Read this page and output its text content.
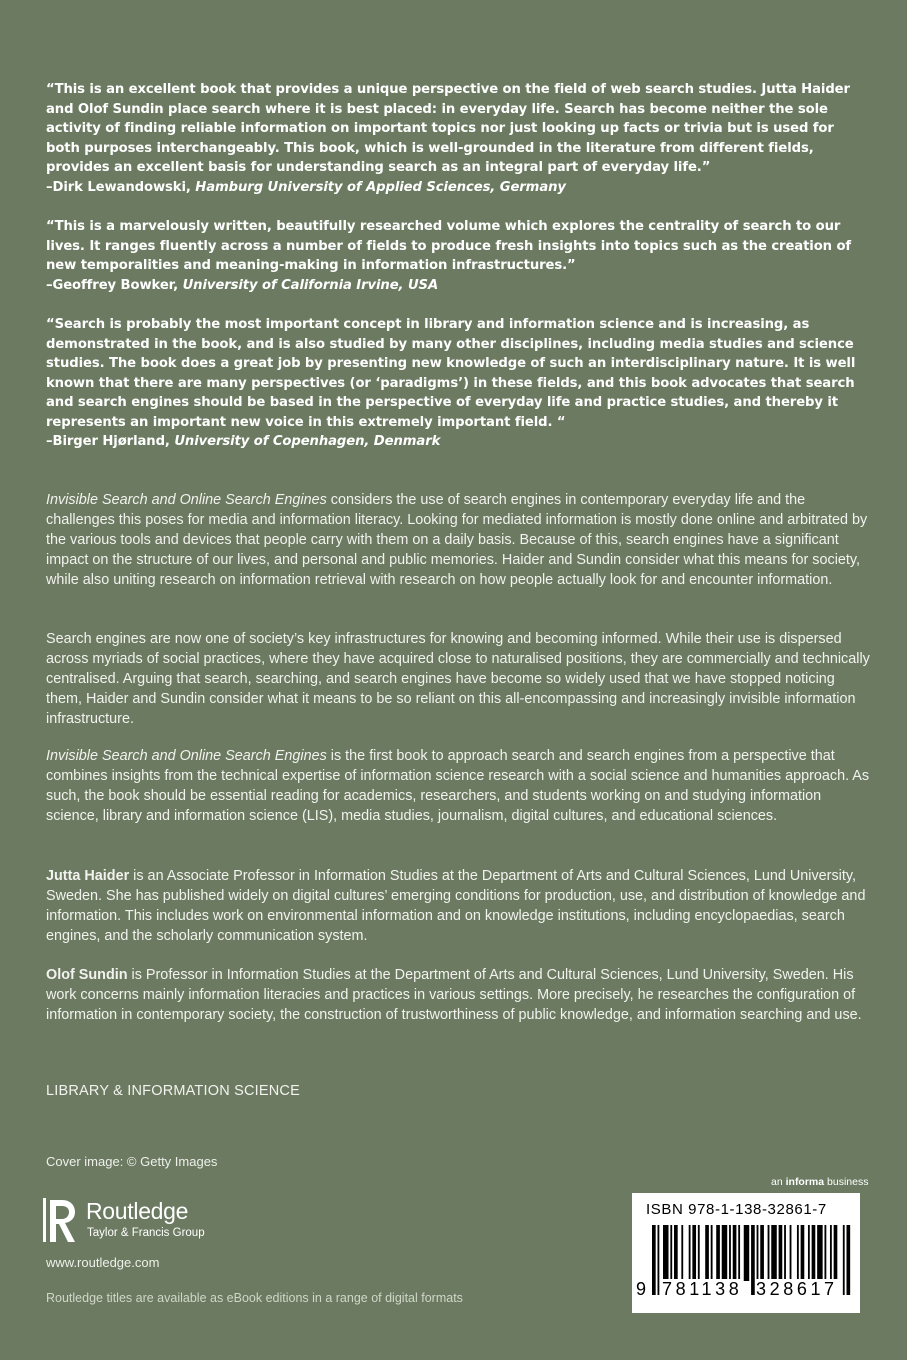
“This is an excellent book that provides a unique perspective on the field of web search studies. Jutta Haider and Olof Sundin place search where it is best placed: in everyday life. Search has become neither the sole activity of finding reliable information on important topics nor just looking up facts or trivia but is used for both purposes interchangeably. This book, which is well-grounded in the literature from different fields, provides an excellent basis for understanding search as an integral part of everyday life.”
–Dirk Lewandowski, Hamburg University of Applied Sciences, Germany
“This is a marvelously written, beautifully researched volume which explores the centrality of search to our lives. It ranges fluently across a number of fields to produce fresh insights into topics such as the creation of new temporalities and meaning-making in information infrastructures.”
–Geoffrey Bowker, University of California Irvine, USA
“Search is probably the most important concept in library and information science and is increasing, as demonstrated in the book, and is also studied by many other disciplines, including media studies and science studies. The book does a great job by presenting new knowledge of such an interdisciplinary nature. It is well known that there are many perspectives (or ‘paradigms’) in these fields, and this book advocates that search and search engines should be based in the perspective of everyday life and practice studies, and thereby it represents an important new voice in this extremely important field. “
–Birger Hjørland, University of Copenhagen, Denmark

Invisible Search and Online Search Engines considers the use of search engines in contemporary everyday life and the challenges this poses for media and information literacy. Looking for mediated information is mostly done online and arbitrated by the various tools and devices that people carry with them on a daily basis. Because of this, search engines have a significant impact on the structure of our lives, and personal and public memories. Haider and Sundin consider what this means for society, while also uniting research on information retrieval with research on how people actually look for and encounter information.

Search engines are now one of society’s key infrastructures for knowing and becoming informed. While their use is dispersed across myriads of social practices, where they have acquired close to naturalised positions, they are commercially and technically centralised. Arguing that search, searching, and search engines have become so widely used that we have stopped noticing them, Haider and Sundin consider what it means to be so reliant on this all-encompassing and increasingly invisible information infrastructure.

Invisible Search and Online Search Engines is the first book to approach search and search engines from a perspective that combines insights from the technical expertise of information science research with a social science and humanities approach. As such, the book should be essential reading for academics, researchers, and students working on and studying information science, library and information science (LIS), media studies, journalism, digital cultures, and educational sciences.

Jutta Haider is an Associate Professor in Information Studies at the Department of Arts and Cultural Sciences, Lund University, Sweden. She has published widely on digital cultures’ emerging conditions for production, use, and distribution of knowledge and information. This includes work on environmental information and on knowledge institutions, including encyclopaedias, search engines, and the scholarly communication system.

Olof Sundin is Professor in Information Studies at the Department of Arts and Cultural Sciences, Lund University, Sweden. His work concerns mainly information literacies and practices in various settings. More precisely, he researches the configuration of information in contemporary society, the construction of trustworthiness of public knowledge, and information searching and use.

LIBRARY & INFORMATION SCIENCE
Cover image: © Getty Images
an informa business
Routledge
Taylor & Francis Group
www.routledge.com
Routledge titles are available as eBook editions in a range of digital formats
ISBN 978-1-138-32861-7
9 781138 328617
